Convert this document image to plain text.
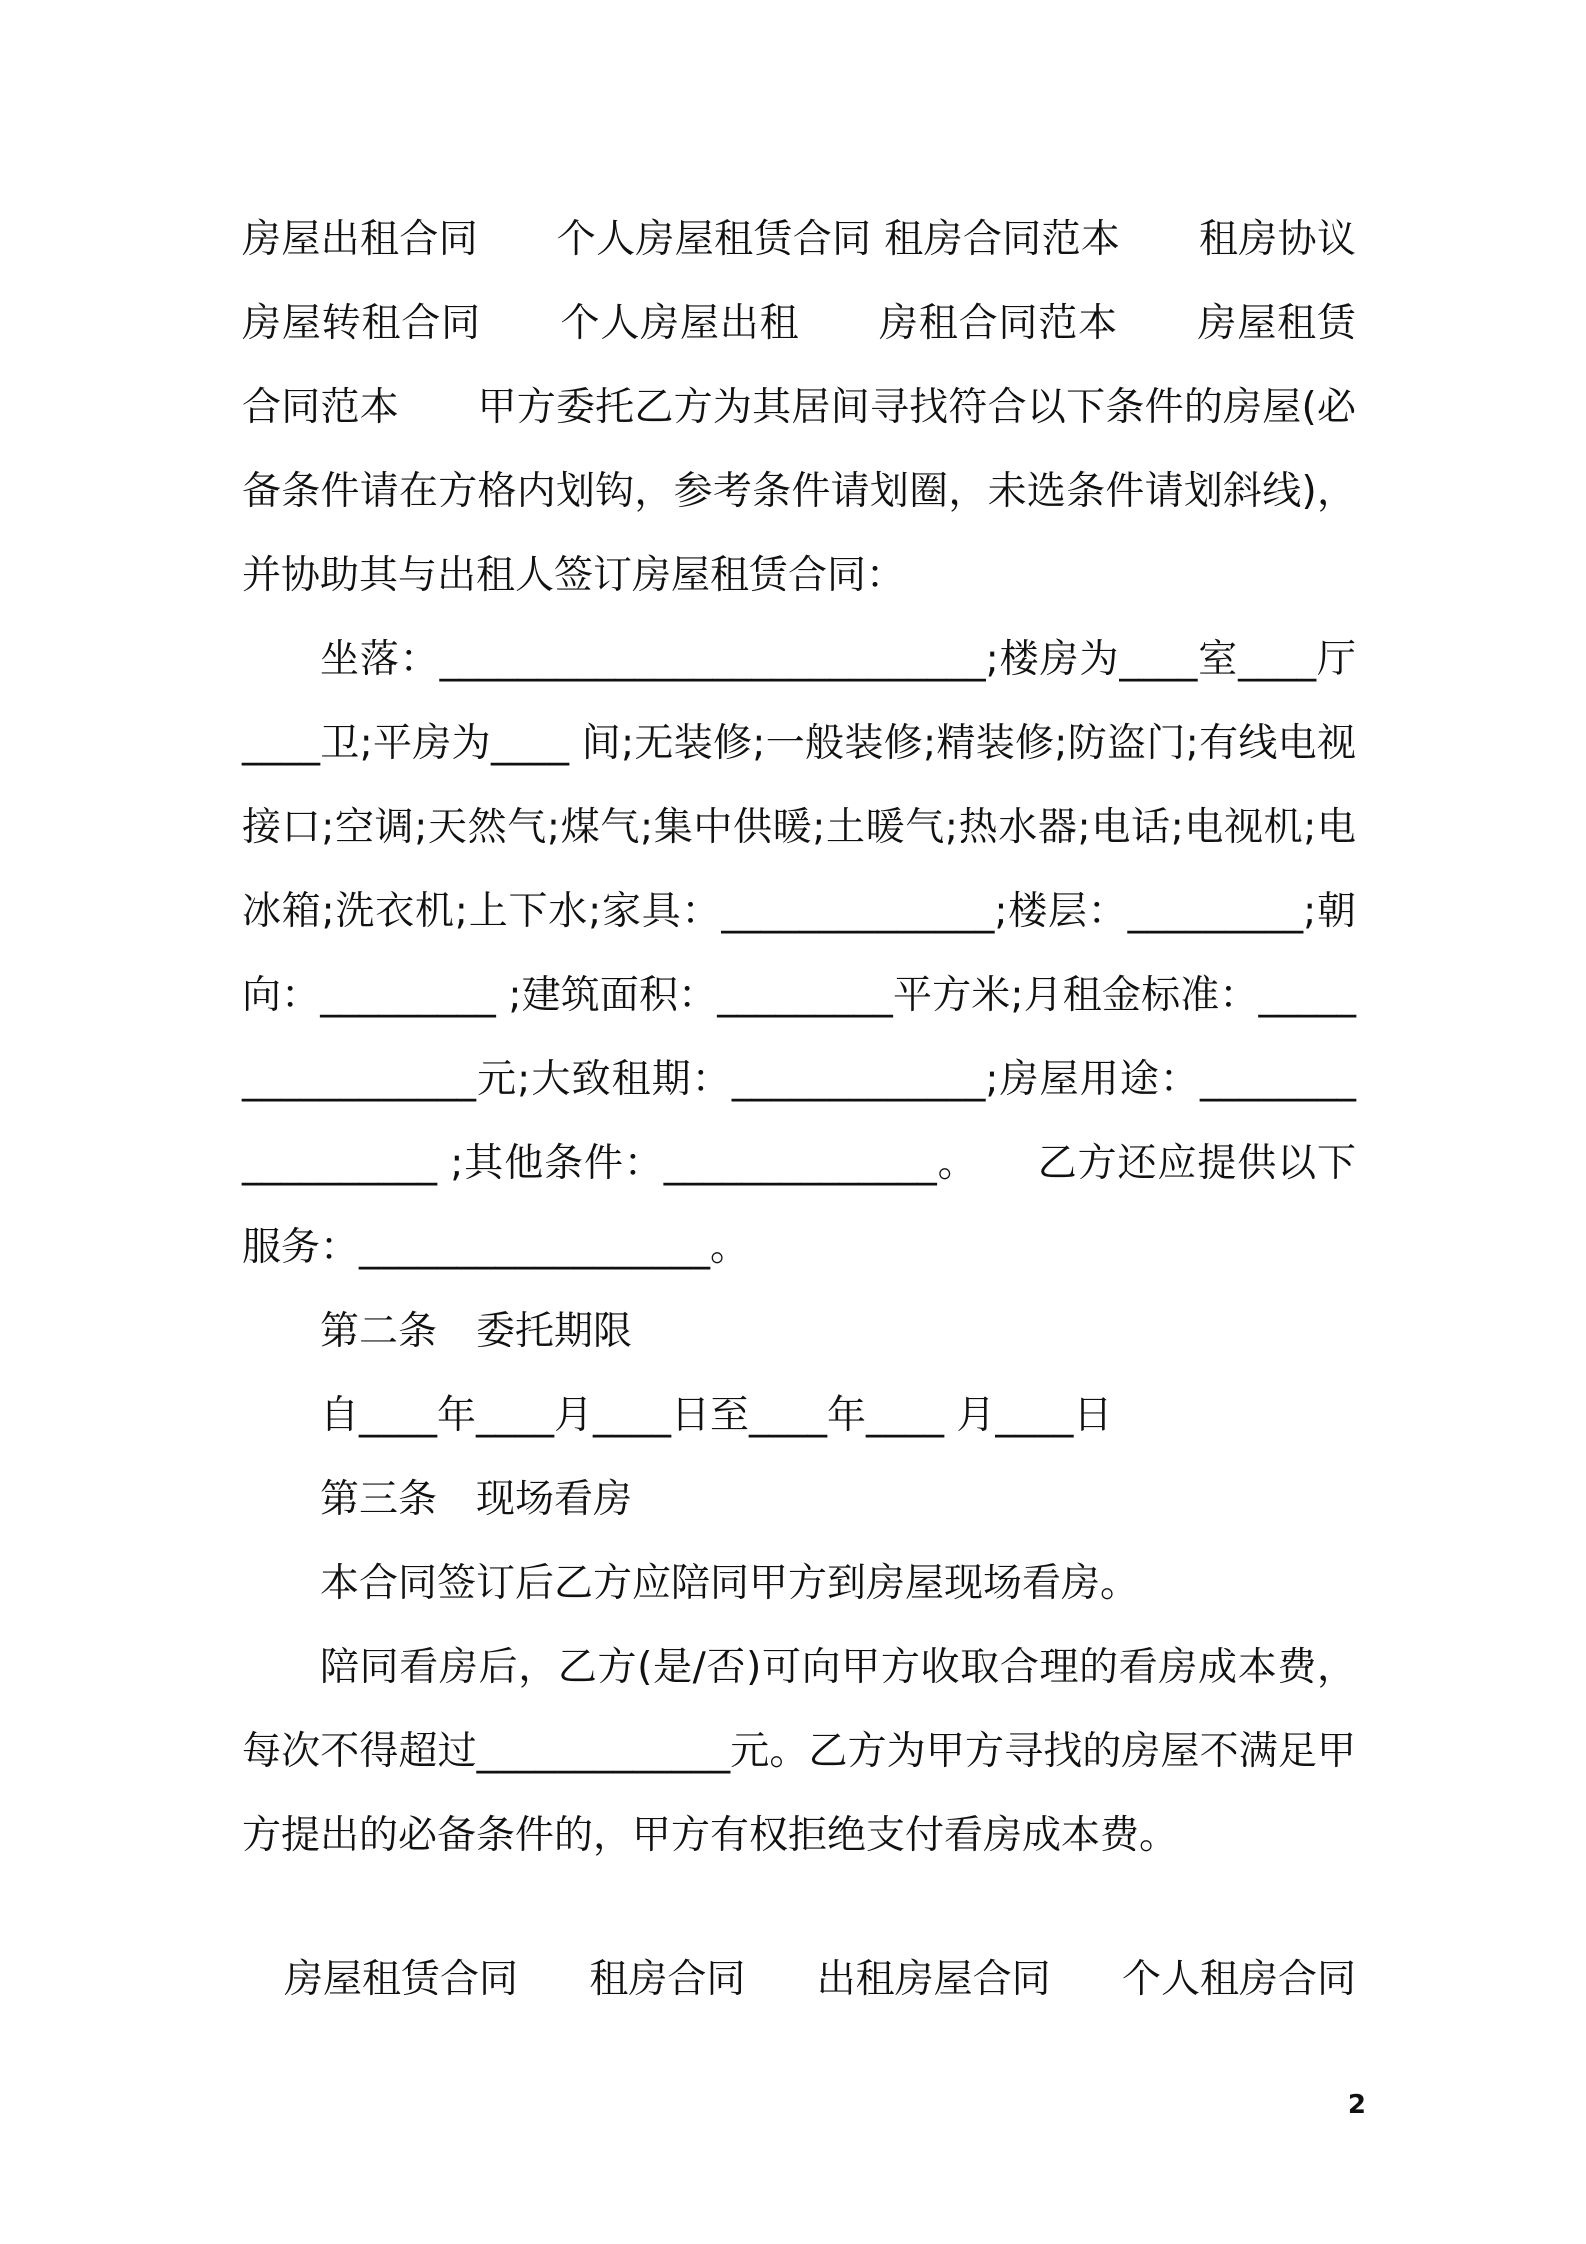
房屋出租合同　　个人房屋租赁合同 租房合同范本　　租房协议　房屋转租合同　　个人房屋出租　　房租合同范本　　房屋租赁合同范本　　甲方委托乙方为其居间寻找符合以下条件的房屋(必备条件请在方格内划钩，参考条件请划圈，未选条件请划斜线)，并协助其与出租人签订房屋租赁合同：

坐落：____________________________;楼房为____室____厅____卫;平房为____ 间;无装修;一般装修;精装修;防盗门;有线电视接口;空调;天然气;煤气;集中供暖;土暖气;热水器;电话;电视机;电冰箱;洗衣机;上下水;家具：______________;楼层：_________;朝向：_________ ;建筑面积：_________平方米;月租金标准：_________________元;大致租期：_____________;房屋用途：__________________ ;其他条件：______________。　　乙方还应提供以下服务：__________________。

第二条　委托期限

自____年____月____日至____年____ 月____日

第三条　现场看房

本合同签订后乙方应陪同甲方到房屋现场看房。

陪同看房后，乙方(是/否)可向甲方收取合理的看房成本费，每次不得超过_____________元。乙方为甲方寻找的房屋不满足甲方提出的必备条件的，甲方有权拒绝支付看房成本费。

房屋租赁合同 租房合同 出租房屋合同 个人租房合同
2
